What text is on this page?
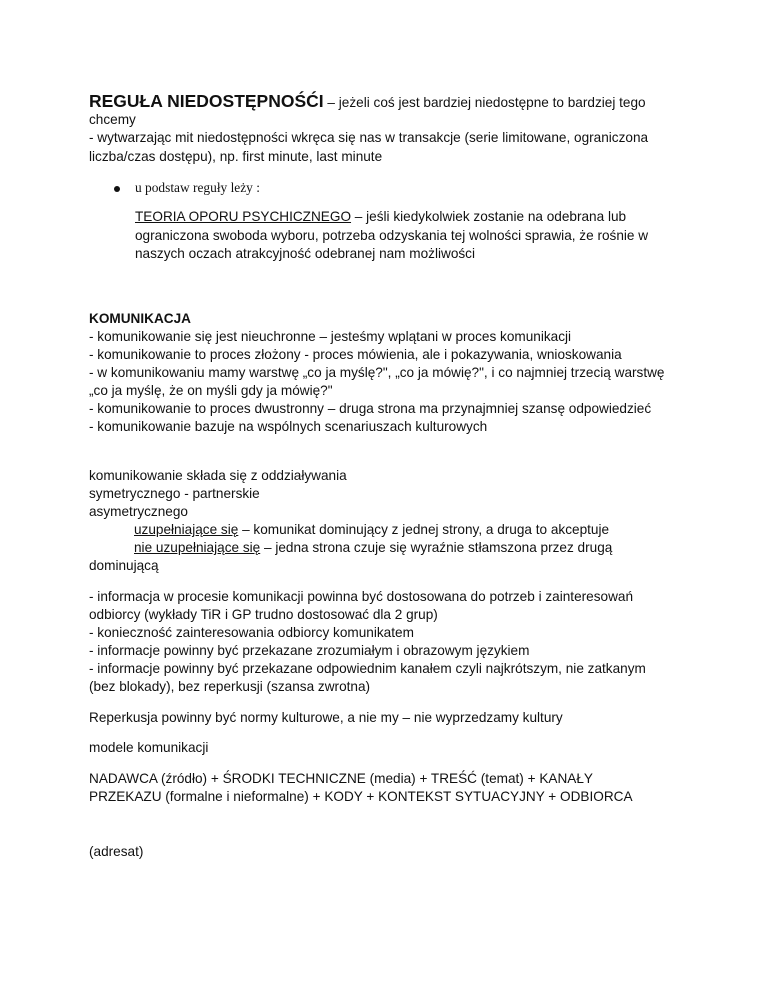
REGUŁA NIEDOSTĘPNOŚĆI – jeżeli coś jest bardziej niedostępne to bardziej tego
chcemy
- wytwarzając mit niedostępności wkręca się nas w transakcje (serie limitowane, ograniczona
liczba/czas dostępu), np. first minute, last minute
u podstaw reguły leży :
TEORIA OPORU PSYCHICZNEGO – jeśli kiedykolwiek zostanie na odebrana lub
ograniczona swoboda wyboru, potrzeba odzyskania tej wolności sprawia, że rośnie w
naszych oczach atrakcyjność odebranej nam możliwości
KOMUNIKACJA
- komunikowanie się jest nieuchronne – jesteśmy wplątani w proces komunikacji
- komunikowanie to proces złożony - proces mówienia, ale i pokazywania, wnioskowania
- w komunikowaniu mamy warstwę „co ja myślę?", „co ja mówię?", i co najmniej trzecią warstwę
„co ja myślę, że on myśli gdy ja mówię?"
- komunikowanie to proces dwustronny – druga strona ma przynajmniej szansę odpowiedzieć
- komunikowanie bazuje na wspólnych scenariuszach kulturowych
komunikowanie składa się z oddziaływania
symetrycznego - partnerskie
asymetrycznego
uzupełniające się – komunikat dominujący z jednej strony, a druga to akceptuje
nie uzupełniające się – jedna strona czuje się wyraźnie stłamszona przez drugą
dominującą
- informacja w procesie komunikacji powinna być dostosowana do potrzeb i zainteresowań
odbiorcy (wykłady TiR i GP trudno dostosować dla 2 grup)
- konieczność zainteresowania odbiorcy komunikatem
- informacje powinny być przekazane zrozumiałym i obrazowym językiem
- informacje powinny być przekazane odpowiednim kanałem czyli najkrótszym, nie zatkanym
(bez blokady), bez reperkusji (szansa zwrotna)
Reperkusja powinny być normy kulturowe, a nie my – nie wyprzedzamy kultury
modele komunikacji
NADAWCA (źródło) + ŚRODKI TECHNICZNE (media) + TREŚĆ (temat) + KANAŁY
PRZEKAZU (formalne i nieformalne) + KODY + KONTEKST SYTUACYJNY + ODBIORCA
(adresat)
